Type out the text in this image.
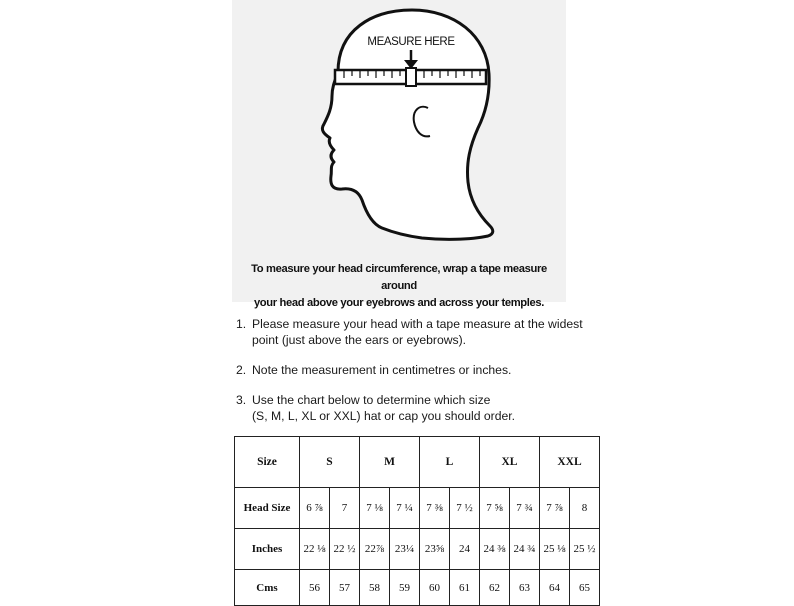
MEASURE HERE
To measure your head circumference, wrap a tape measure around
your head above your eyebrows and across your temples.
1. Please measure your head with a tape measure at the widest
point (just above the ears or eyebrows).
2. Note the measurement in centimetres or inches.
3. Use the chart below to determine which size
(S, M, L, XL or XXL) hat or cap you should order.
Size	S		M		L		XL		XXL	
Head Size	6 ⅞	7	7 ⅛	7 ¼	7 ⅜	7 ½	7 ⅝	7 ¾	7 ⅞	8
Inches	22 ⅛	22 ½	22⅞	23¼	23⅝	24	24 ⅜	24 ¾	25 ⅛	25 ½
Cms	56	57	58	59	60	61	62	63	64	65
